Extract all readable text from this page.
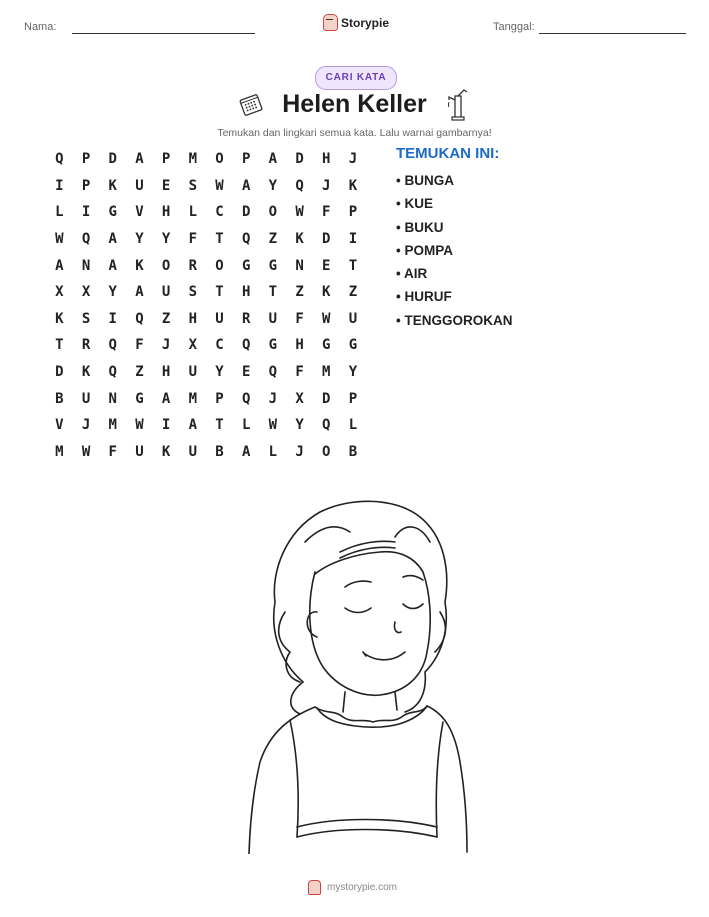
Nama:	Storypie	Tanggal:
CARI KATA
Helen Keller
Temukan dan lingkari semua kata. Lalu warnai gambarnya!
Q	P	D	A	P	M	O	P	A	D	H	J
I	P	K	U	E	S	W	A	Y	Q	J	K
L	I	G	V	H	L	C	D	O	W	F	P
W	Q	A	Y	Y	F	T	Q	Z	K	D	I
A	N	A	K	O	R	O	G	G	N	E	T
X	X	Y	A	U	S	T	H	T	Z	K	Z
K	S	I	Q	Z	H	U	R	U	F	W	U
T	R	Q	F	J	X	C	Q	G	H	G	G
D	K	Q	Z	H	U	Y	E	Q	F	M	Y
B	U	N	G	A	M	P	Q	J	X	D	P
V	J	M	W	I	A	T	L	W	Y	Q	L
M	W	F	U	K	U	B	A	L	J	O	B
TEMUKAN INI:
• BUNGA
• KUE
• BUKU
• POMPA
• AIR
• HURUF
• TENGGOROKAN
mystorypie.com
